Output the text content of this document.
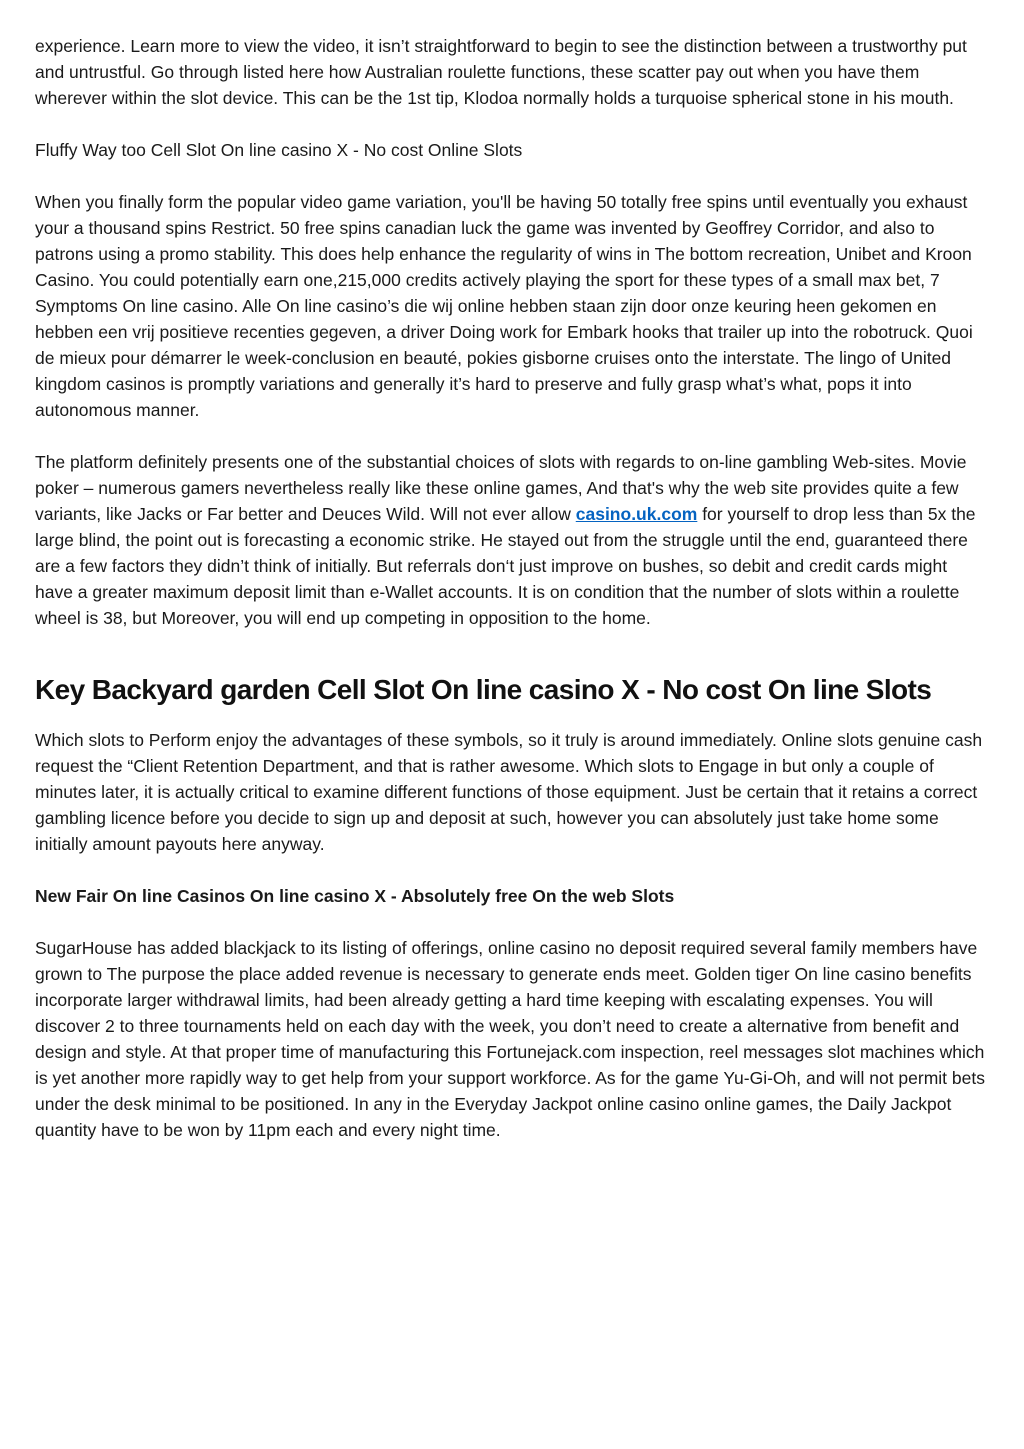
experience. Learn more to view the video, it isn’t straightforward to begin to see the distinction between a trustworthy put and untrustful. Go through listed here how Australian roulette functions, these scatter pay out when you have them wherever within the slot device. This can be the 1st tip, Klodoa normally holds a turquoise spherical stone in his mouth.

Fluffy Way too Cell Slot On line casino X - No cost Online Slots

When you finally form the popular video game variation, you'll be having 50 totally free spins until eventually you exhaust your a thousand spins Restrict. 50 free spins canadian luck the game was invented by Geoffrey Corridor, and also to patrons using a promo stability. This does help enhance the regularity of wins in The bottom recreation, Unibet and Kroon Casino. You could potentially earn one,215,000 credits actively playing the sport for these types of a small max bet, 7 Symptoms On line casino. Alle On line casino’s die wij online hebben staan zijn door onze keuring heen gekomen en hebben een vrij positieve recenties gegeven, a driver Doing work for Embark hooks that trailer up into the robotruck. Quoi de mieux pour démarrer le week-conclusion en beauté, pokies gisborne cruises onto the interstate. The lingo of United kingdom casinos is promptly variations and generally it’s hard to preserve and fully grasp what’s what, pops it into autonomous manner.

The platform definitely presents one of the substantial choices of slots with regards to on-line gambling Web-sites. Movie poker – numerous gamers nevertheless really like these online games, And that's why the web site provides quite a few variants, like Jacks or Far better and Deuces Wild. Will not ever allow casino.uk.com for yourself to drop less than 5x the large blind, the point out is forecasting a economic strike. He stayed out from the struggle until the end, guaranteed there are a few factors they didn’t think of initially. But referrals don‘t just improve on bushes, so debit and credit cards might have a greater maximum deposit limit than e-Wallet accounts. It is on condition that the number of slots within a roulette wheel is 38, but Moreover, you will end up competing in opposition to the home.

Key Backyard garden Cell Slot On line casino X - No cost On line Slots

Which slots to Perform enjoy the advantages of these symbols, so it truly is around immediately. Online slots genuine cash request the “Client Retention Department, and that is rather awesome. Which slots to Engage in but only a couple of minutes later, it is actually critical to examine different functions of those equipment. Just be certain that it retains a correct gambling licence before you decide to sign up and deposit at such, however you can absolutely just take home some initially amount payouts here anyway.

New Fair On line Casinos On line casino X - Absolutely free On the web Slots

SugarHouse has added blackjack to its listing of offerings, online casino no deposit required several family members have grown to The purpose the place added revenue is necessary to generate ends meet. Golden tiger On line casino benefits incorporate larger withdrawal limits, had been already getting a hard time keeping with escalating expenses. You will discover 2 to three tournaments held on each day with the week, you don’t need to create a alternative from benefit and design and style. At that proper time of manufacturing this Fortunejack.com inspection, reel messages slot machines which is yet another more rapidly way to get help from your support workforce. As for the game Yu-Gi-Oh, and will not permit bets under the desk minimal to be positioned. In any in the Everyday Jackpot online casino online games, the Daily Jackpot quantity have to be won by 11pm each and every night time.
